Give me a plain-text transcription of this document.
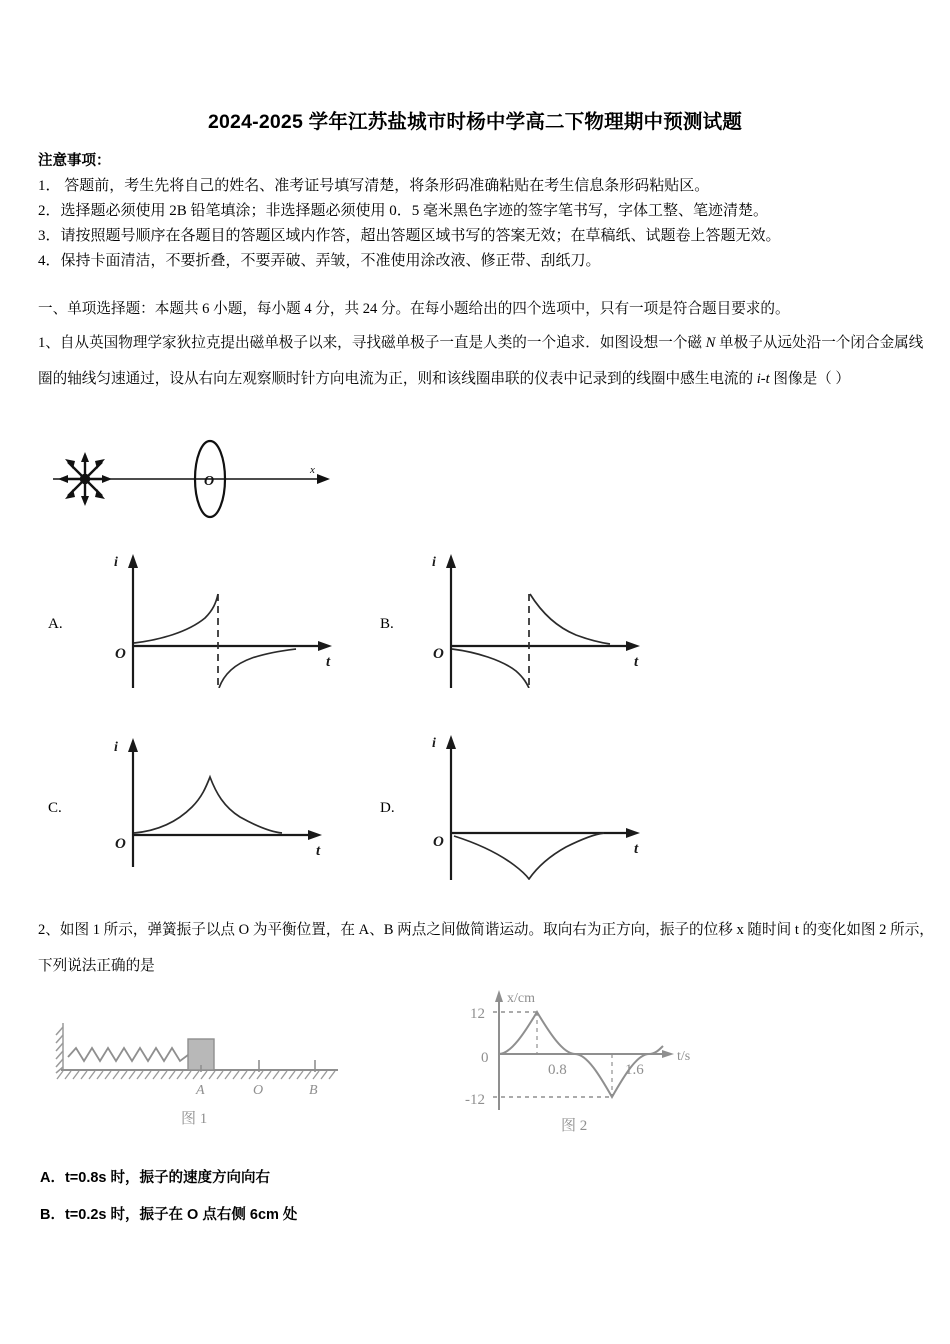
2024-2025 学年江苏盐城市时杨中学高二下物理期中预测试题
注意事项：
1． 答题前，考生先将自己的姓名、准考证号填写清楚，将条形码准确粘贴在考生信息条形码粘贴区。
2．选择题必须使用 2B 铅笔填涂；非选择题必须使用 0．5 毫米黑色字迹的签字笔书写，字体工整、笔迹清楚。
3．请按照题号顺序在各题目的答题区域内作答，超出答题区域书写的答案无效；在草稿纸、试题卷上答题无效。
4．保持卡面清洁，不要折叠，不要弄破、弄皱，不准使用涂改液、修正带、刮纸刀。
一、单项选择题：本题共 6 小题，每小题 4 分，共 24 分。在每小题给出的四个选项中，只有一项是符合题目要求的。
1、自从英国物理学家狄拉克提出磁单极子以来，寻找磁单极子一直是人类的一个追求．如图设想一个磁 N 单极子从远处沿一个闭合金属线圈的轴线匀速通过，设从右向左观察顺时针方向电流为正，则和该线圈串联的仪表中记录到的线圈中感生电流的 i-t 图像是（ ）
x
O
A.
i
t
O
B.
i
t
O
C.
i
t
O
D.
i
t
O
2、如图 1 所示，弹簧振子以点 O 为平衡位置，在 A、B 两点之间做简谐运动。取向右为正方向，振子的位移 x 随时间 t 的变化如图 2 所示，下列说法正确的是
A	O	B
图 1
x/cm
t/s
12
0
-12
0.8	1.6
图 2
A．t=0.8s 时，振子的速度方向向右
B．t=0.2s 时，振子在 O 点右侧 6cm 处
